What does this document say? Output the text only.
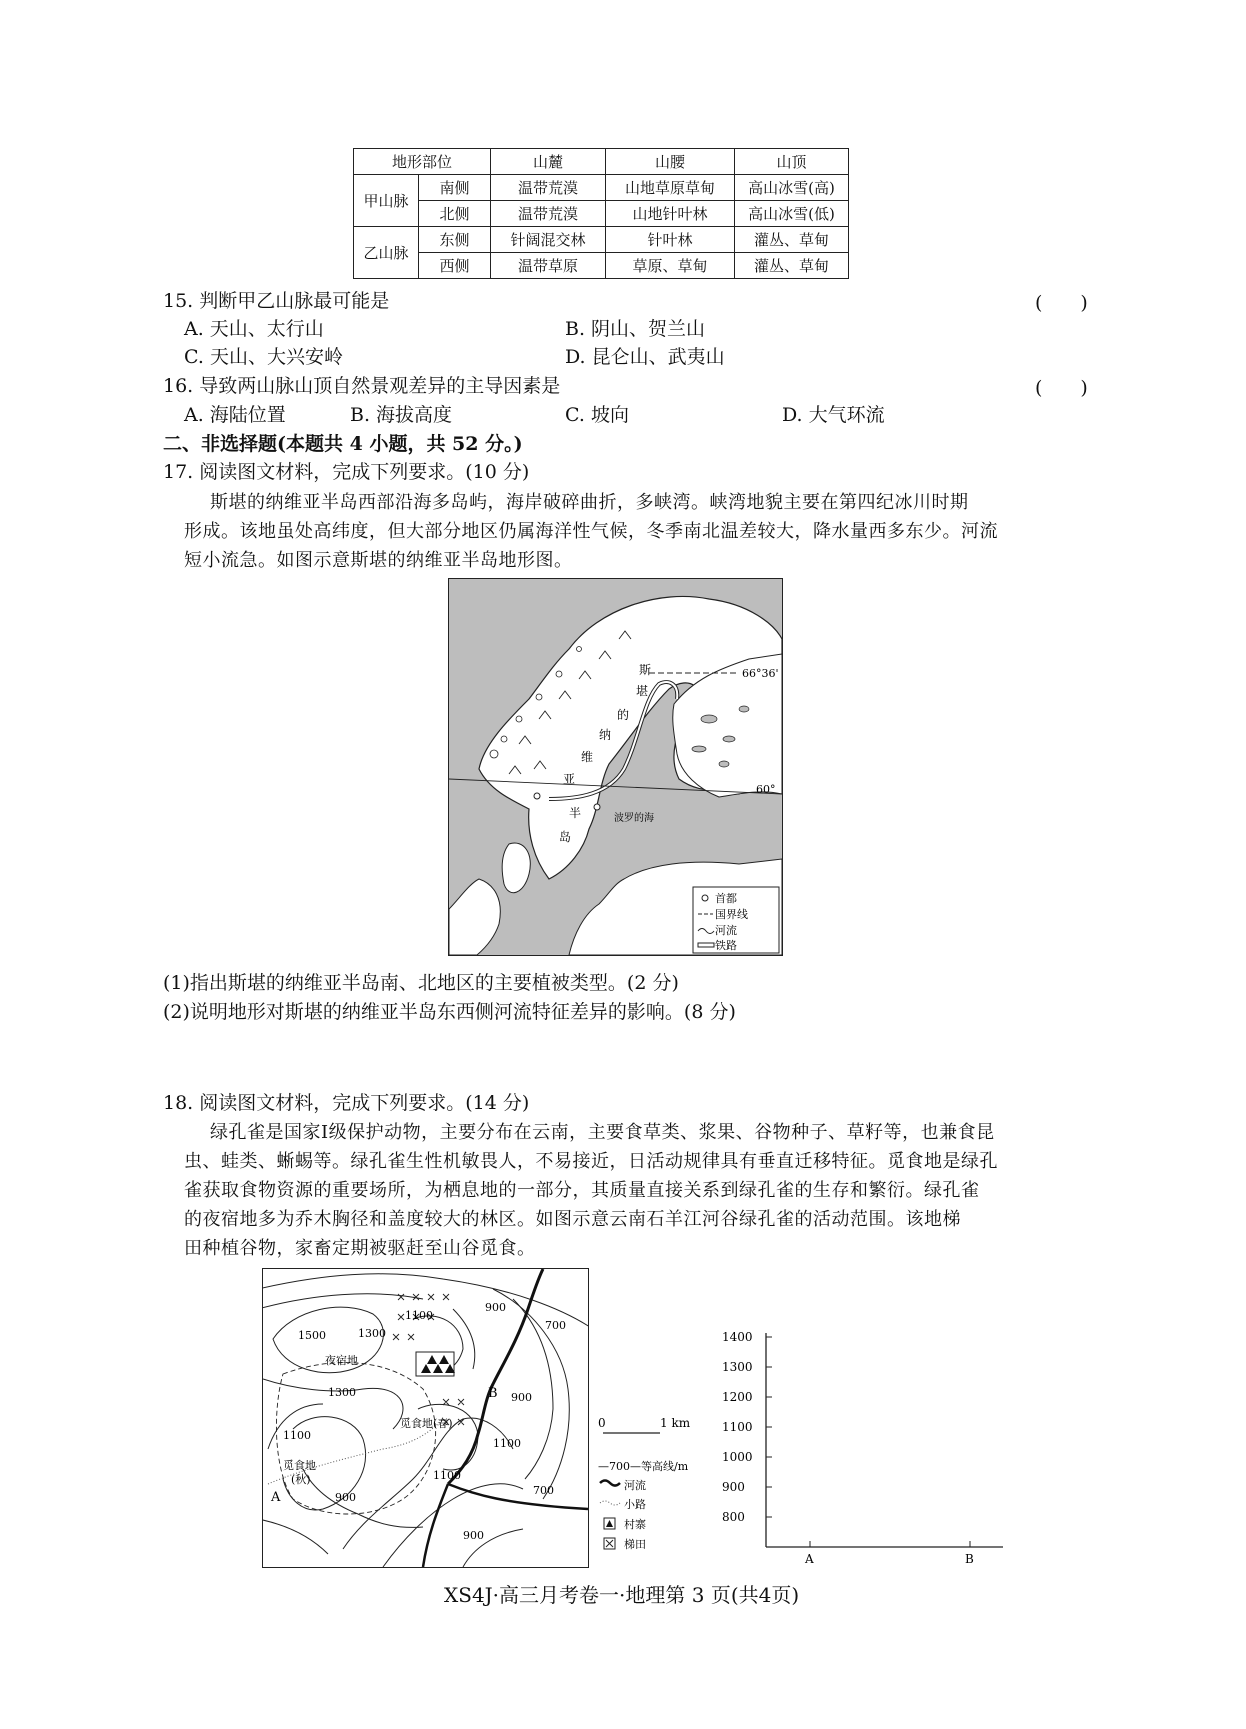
地形部位		山麓	山腰	山顶
甲山脉	南侧	温带荒漠	山地草原草甸	高山冰雪(高)
	北侧	温带荒漠	山地针叶林	高山冰雪(低)
乙山脉	东侧	针阔混交林	针叶林	灌丛、草甸
	西侧	温带草原	草原、草甸	灌丛、草甸
15. 判断甲乙山脉最可能是	(　　)
A. 天山、太行山	B. 阴山、贺兰山
C. 天山、大兴安岭	D. 昆仑山、武夷山
16. 导致两山脉山顶自然景观差异的主导因素是	(　　)
A. 海陆位置	B. 海拔高度	C. 坡向	D. 大气环流
二、非选择题(本题共 4 小题，共 52 分。)
17. 阅读图文材料，完成下列要求。(10 分)
斯堪的纳维亚半岛西部沿海多岛屿，海岸破碎曲折，多峡湾。峡湾地貌主要在第四纪冰川时期
形成。该地虽处高纬度，但大部分地区仍属海洋性气候，冬季南北温差较大，降水量西多东少。河流
短小流急。如图示意斯堪的纳维亚半岛地形图。
66°36'
60°
波罗的海
斯
堪
的
纳
维
亚
半
岛
首都
国界线
河流
铁路
(1)指出斯堪的纳维亚半岛南、北地区的主要植被类型。(2 分)
(2)说明地形对斯堪的纳维亚半岛东西侧河流特征差异的影响。(8 分)
18. 阅读图文材料，完成下列要求。(14 分)
绿孔雀是国家Ⅰ级保护动物，主要分布在云南，主要食草类、浆果、谷物种子、草籽等，也兼食昆
虫、蛙类、蜥蜴等。绿孔雀生性机敏畏人，不易接近，日活动规律具有垂直迁移特征。觅食地是绿孔
雀获取食物资源的重要场所，为栖息地的一部分，其质量直接关系到绿孔雀的生存和繁衍。绿孔雀
的夜宿地多为乔木胸径和盖度较大的林区。如图示意云南石羊江河谷绿孔雀的活动范围。该地梯
田种植谷物，家畜定期被驱赶至山谷觅食。
1500	1300
1100
1300
1100
900
700
1100
900
700
900
1100
900
夜宿地
觅食地(春)
觅食地
(秋)
A
B
0	1 km
—700—等高线/m
河流
小路
村寨
梯田
1400
1300
1200
1100
1000
900
800
A	B
XS4J·高三月考卷一·地理第 3 页(共4页)
